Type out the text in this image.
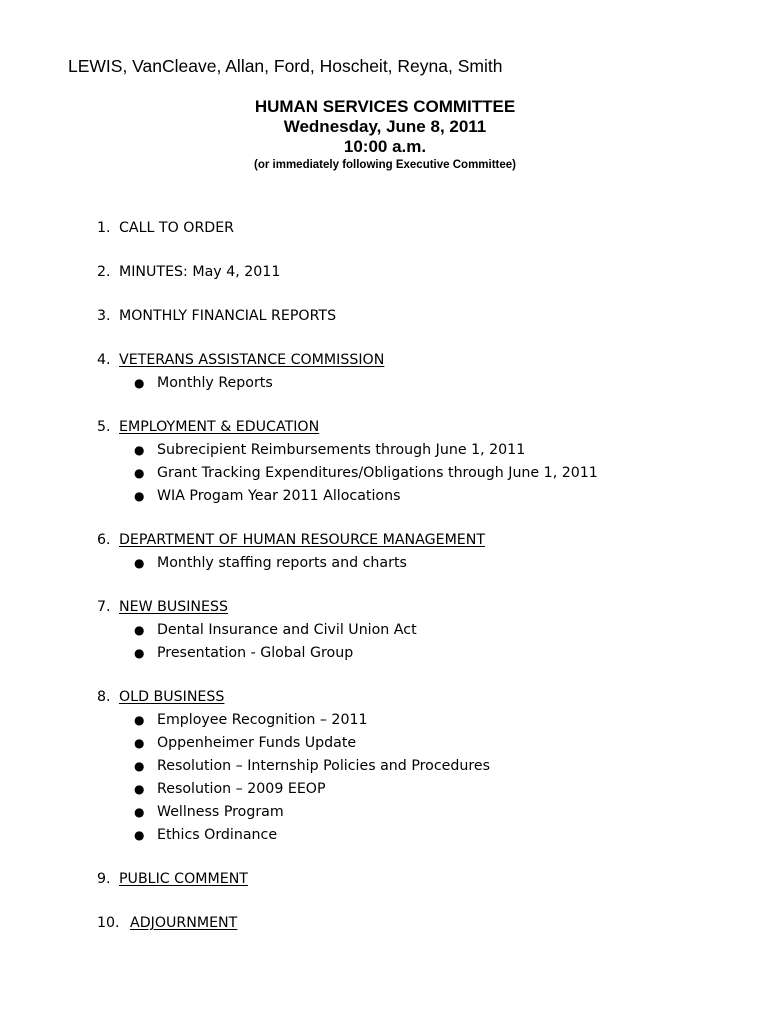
LEWIS, VanCleave, Allan, Ford, Hoscheit, Reyna, Smith
HUMAN SERVICES COMMITTEE
Wednesday, June 8, 2011
10:00 a.m.
(or immediately following Executive Committee)
1. CALL TO ORDER
2. MINUTES: May 4, 2011
3. MONTHLY FINANCIAL REPORTS
4. VETERANS ASSISTANCE COMMISSION
● Monthly Reports
5. EMPLOYMENT & EDUCATION
● Subrecipient Reimbursements through June 1, 2011
● Grant Tracking Expenditures/Obligations through June 1, 2011
● WIA Progam Year 2011 Allocations
6. DEPARTMENT OF HUMAN RESOURCE MANAGEMENT
● Monthly staffing reports and charts
7. NEW BUSINESS
● Dental Insurance and Civil Union Act
● Presentation - Global Group
8. OLD BUSINESS
● Employee Recognition – 2011
● Oppenheimer Funds Update
● Resolution – Internship Policies and Procedures
● Resolution – 2009 EEOP
● Wellness Program
● Ethics Ordinance
9. PUBLIC COMMENT
10. ADJOURNMENT
